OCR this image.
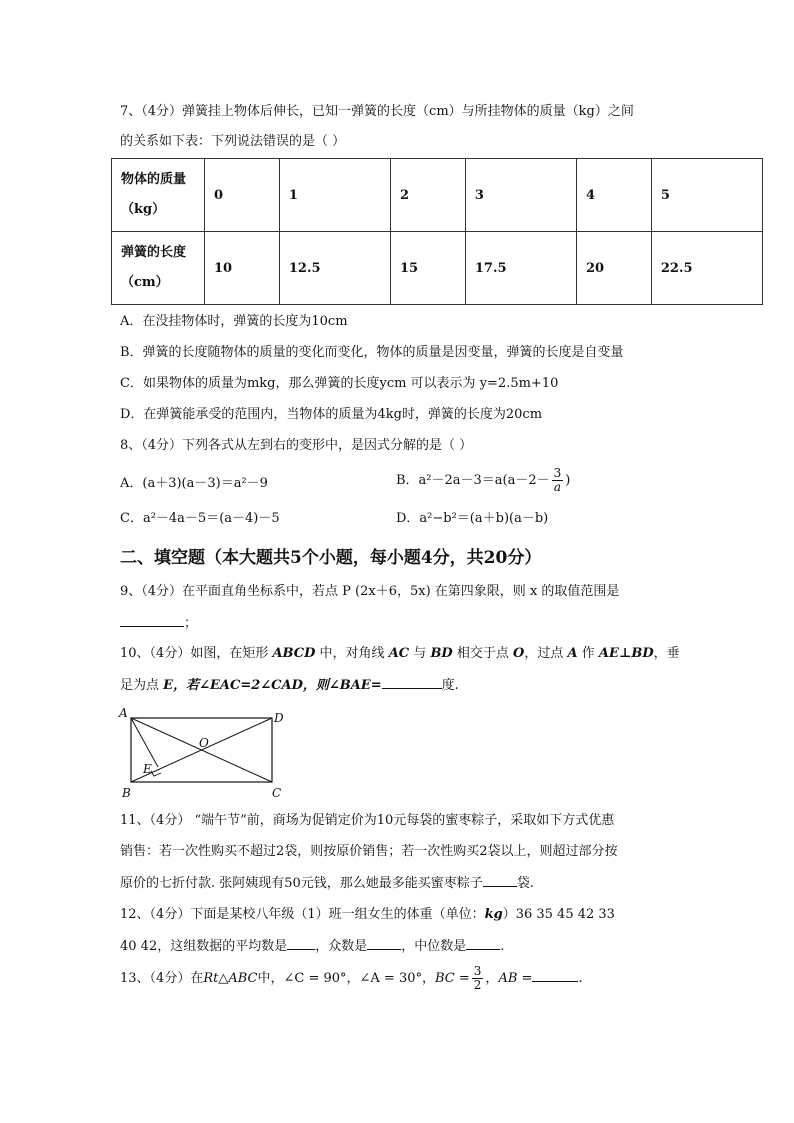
7、（4分）弹簧挂上物体后伸长，已知一弹簧的长度（cm）与所挂物体的质量（kg）之间
的关系如下表：下列说法错误的是（ ）
物体的质量
（kg）	0	1	2	3	4	5
弹簧的长度
（cm）	10	12.5	15	17.5	20	22.5
A．在没挂物体时，弹簧的长度为10cm
B．弹簧的长度随物体的质量的变化而变化，物体的质量是因变量，弹簧的长度是自变量
C．如果物体的质量为mkg，那么弹簧的长度ycm 可以表示为 y=2.5m+10
D．在弹簧能承受的范围内，当物体的质量为4kg时，弹簧的长度为20cm
8、（4分）下列各式从左到右的变形中，是因式分解的是（ ）
A．(a＋3)(a－3)＝a²－9	B．$a^2-2a-3=a(a-2- \frac{3}{a}$ )
C．a²－4a－5＝(a－4)－5	D．a²−b²＝(a＋b)(a－b)
二、填空题（本大题共5个小题，每小题4分，共20分）
9、（4分）在平面直角坐标系中，若点 P (2x＋6，5x) 在第四象限，则 x 的取值范围是
；
10、（4分）如图，在矩形 ABCD 中，对角线 AC 与 BD 相交于点 O，过点 A 作 AE⊥BD，垂
足为点 E，若∠EAC=2∠CAD，则∠BAE=	度.
A	D
O
E
B	C
11、（4分） “端午节”前，商场为促销定价为10元每袋的蜜枣粽子，采取如下方式优惠
销售：若一次性购买不超过2袋，则按原价销售；若一次性购买2袋以上，则超过部分按
原价的七折付款. 张阿姨现有50元钱，那么她最多能买蜜枣粽子	袋.
12、（4分）下面是某校八年级（1）班一组女生的体重（单位：kg）36 35 45 42 33
40 42，这组数据的平均数是 ，众数是	，中位数是	.
13、（4分）在Rt△ABC中，∠C = 90°，∠A = 30°，BC = $\frac{3}{2}$ ，AB =	.
